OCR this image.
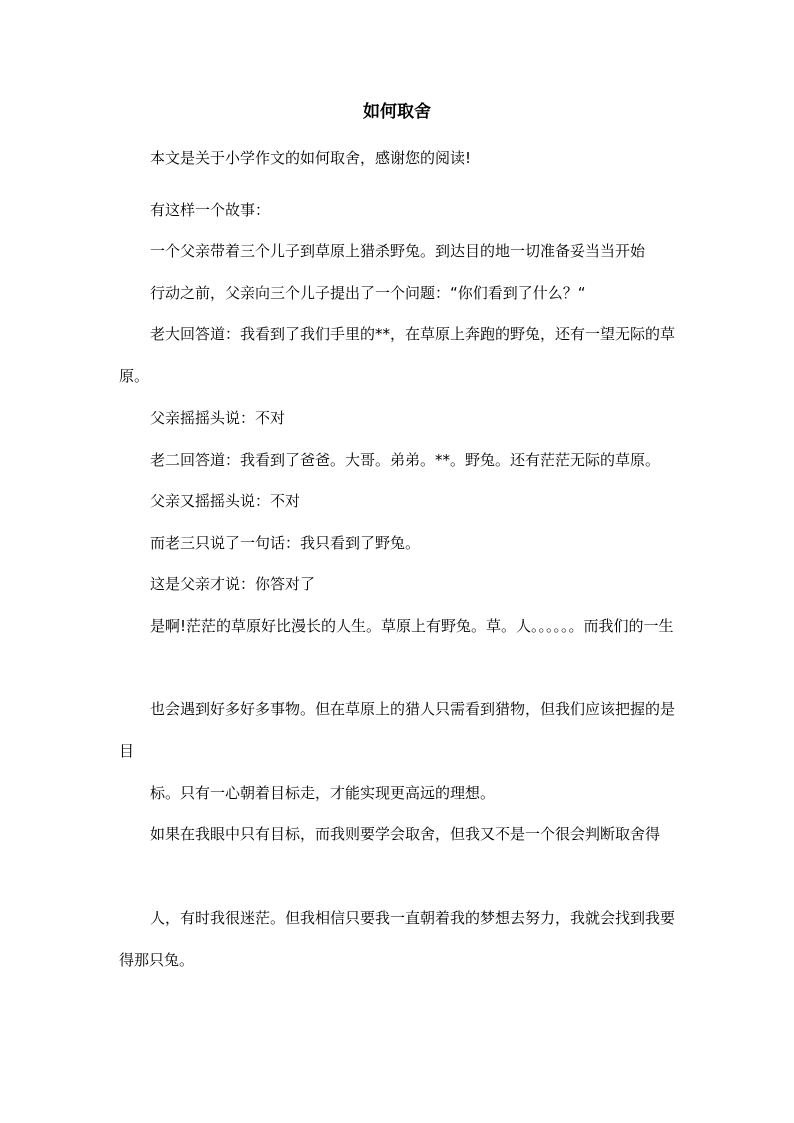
如何取舍

本文是关于小学作文的如何取舍，感谢您的阅读!

有这样一个故事：

一个父亲带着三个儿子到草原上猎杀野兔。到达目的地一切准备妥当当开始

行动之前，父亲向三个儿子提出了一个问题：“你们看到了什么？“

老大回答道：我看到了我们手里的**，在草原上奔跑的野兔，还有一望无际的草原。

父亲摇摇头说：不对

老二回答道：我看到了爸爸。大哥。弟弟。**。野兔。还有茫茫无际的草原。

父亲又摇摇头说：不对

而老三只说了一句话：我只看到了野兔。

这是父亲才说：你答对了

是啊!茫茫的草原好比漫长的人生。草原上有野兔。草。人。。。。。。而我们的一生

也会遇到好多好多事物。但在草原上的猎人只需看到猎物，但我们应该把握的是目

标。只有一心朝着目标走，才能实现更高远的理想。

如果在我眼中只有目标，而我则要学会取舍，但我又不是一个很会判断取舍得

人，有时我很迷茫。但我相信只要我一直朝着我的梦想去努力，我就会找到我要得那只兔。
